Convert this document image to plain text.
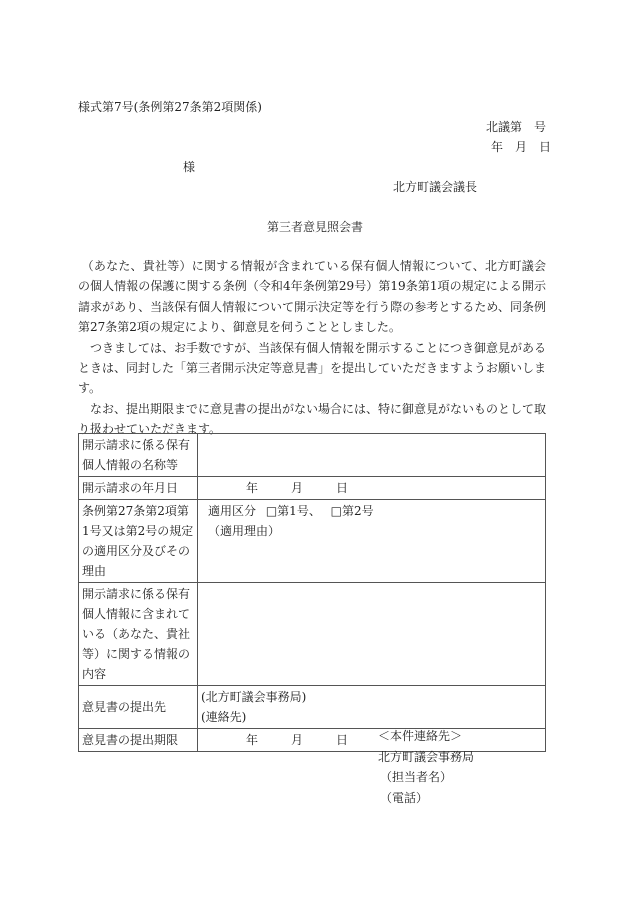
様式第7号(条例第27条第2項関係)
北議第　号
年　月　日
様
北方町議会議長
第三者意見照会書

（あなた、貴社等）に関する情報が含まれている保有個人情報について、北方町議会の個人情報の保護に関する条例（令和4年条例第29号）第19条第1項の規定による開示請求があり、当該保有個人情報について開示決定等を行う際の参考とするため、同条例第27条第2項の規定により、御意見を伺うこととしました。

つきましては、お手数ですが、当該保有個人情報を開示することにつき御意見があるときは、同封した「第三者開示決定等意見書」を提出していただきますようお願いします。

なお、提出期限までに意見書の提出がない場合には、特に御意見がないものとして取り扱わせていただきます。

開示請求に係る保有個人情報の名称等	
開示請求の年月日	年 月 日
条例第27条第2項第1号又は第2号の規定の適用区分及びその理由	適用区分 □第1号、 □第2号
（適用理由）

開示請求に係る保有個人情報に含まれている（あなた、貴社等）に関する情報の内容	
意見書の提出先	(北方町議会事務局)
(連絡先)

意見書の提出期限	年 月 日 ＜本件連絡先＞
北方町議会事務局
（担当者名）
（電話）
